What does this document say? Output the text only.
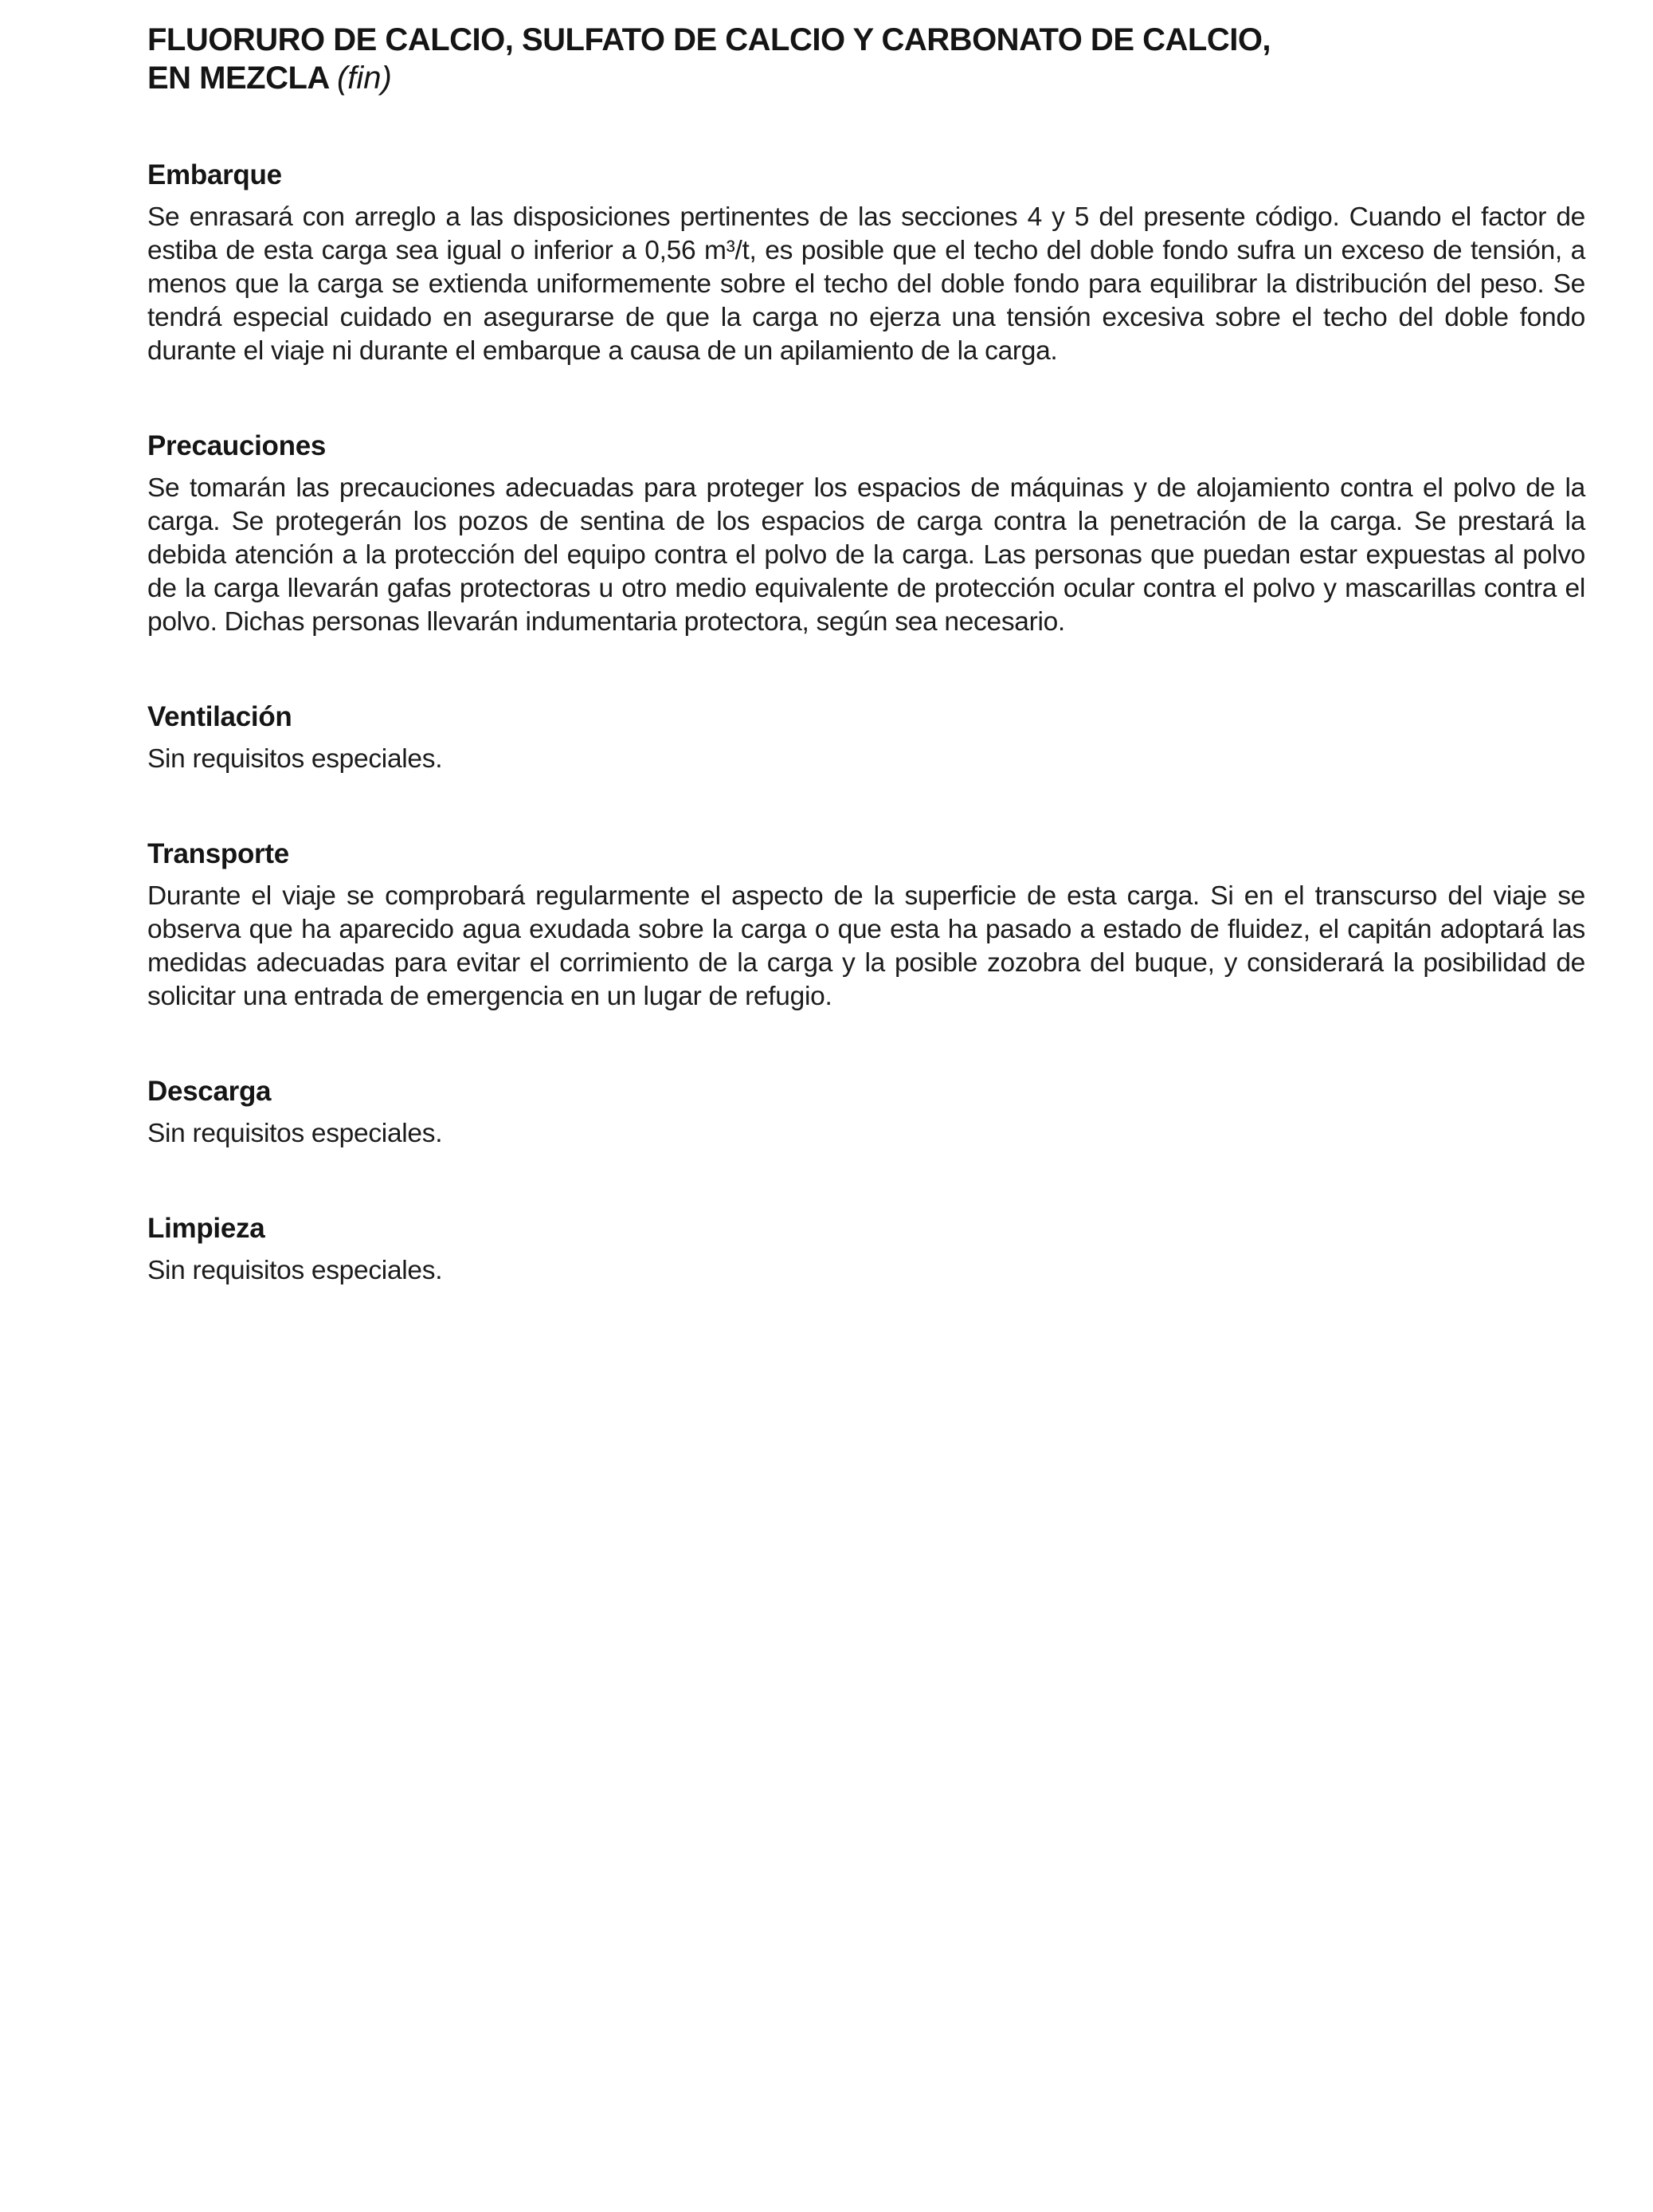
FLUORURO DE CALCIO, SULFATO DE CALCIO Y CARBONATO DE CALCIO,
EN MEZCLA (fin)
Embarque
Se enrasará con arreglo a las disposiciones pertinentes de las secciones 4 y 5 del presente código. Cuando el factor de estiba de esta carga sea igual o inferior a 0,56 m³/t, es posible que el techo del doble fondo sufra un exceso de tensión, a menos que la carga se extienda uniformemente sobre el techo del doble fondo para equilibrar la distribución del peso. Se tendrá especial cuidado en asegurarse de que la carga no ejerza una tensión excesiva sobre el techo del doble fondo durante el viaje ni durante el embarque a causa de un apilamiento de la carga.
Precauciones
Se tomarán las precauciones adecuadas para proteger los espacios de máquinas y de alojamiento contra el polvo de la carga. Se protegerán los pozos de sentina de los espacios de carga contra la penetración de la carga. Se prestará la debida atención a la protección del equipo contra el polvo de la carga. Las personas que puedan estar expuestas al polvo de la carga llevarán gafas protectoras u otro medio equivalente de protección ocular contra el polvo y mascarillas contra el polvo. Dichas personas llevarán indumentaria protectora, según sea necesario.
Ventilación
Sin requisitos especiales.
Transporte
Durante el viaje se comprobará regularmente el aspecto de la superficie de esta carga. Si en el transcurso del viaje se observa que ha aparecido agua exudada sobre la carga o que esta ha pasado a estado de fluidez, el capitán adoptará las medidas adecuadas para evitar el corrimiento de la carga y la posible zozobra del buque, y considerará la posibilidad de solicitar una entrada de emergencia en un lugar de refugio.
Descarga
Sin requisitos especiales.
Limpieza
Sin requisitos especiales.
